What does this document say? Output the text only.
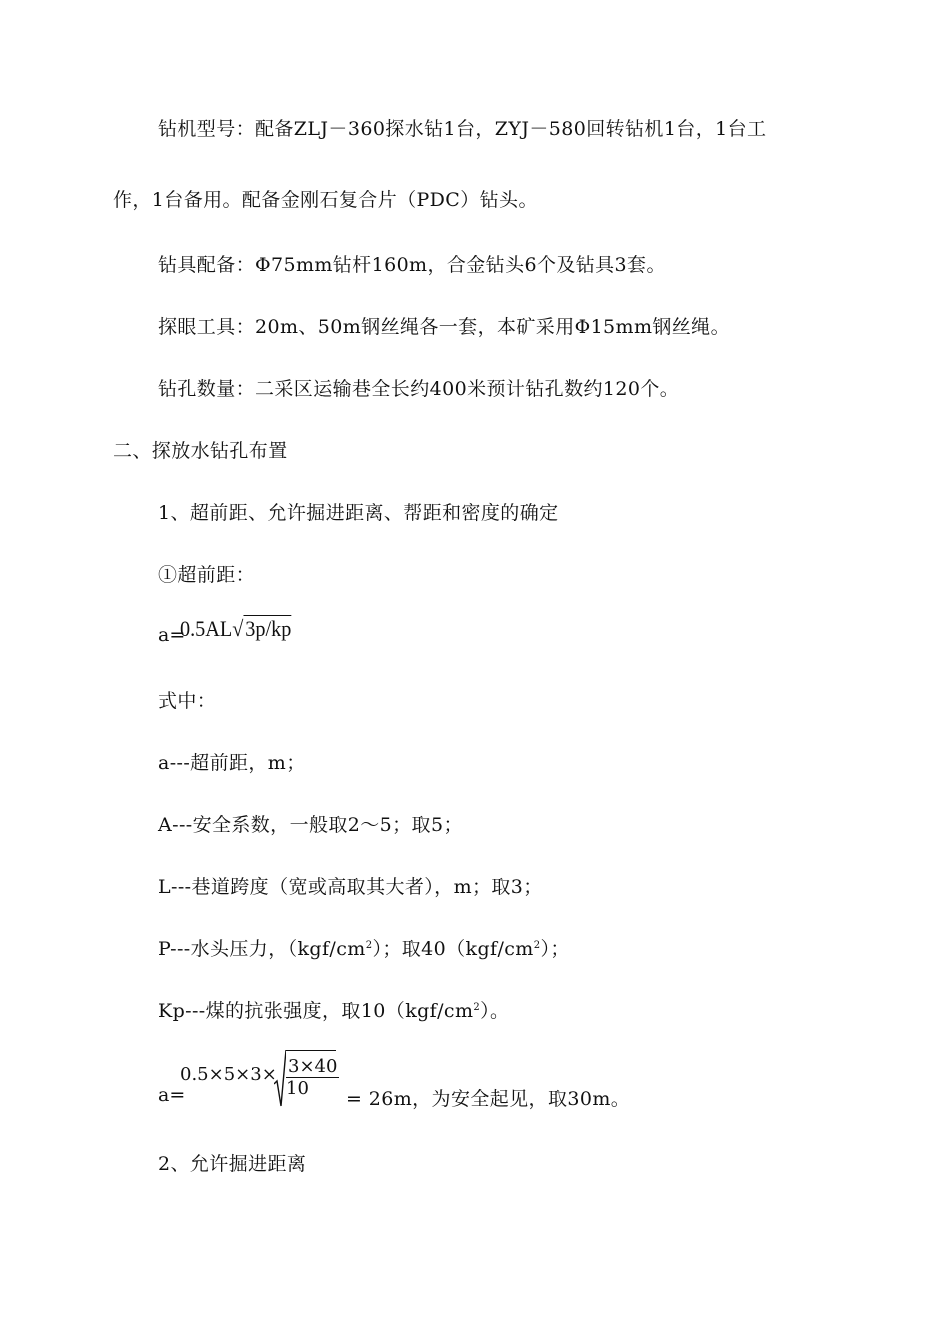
钻机型号：配备ZLJ－360探水钻1台，ZYJ－580回转钻机1台，1台工
作，1台备用。配备金刚石复合片（PDC）钻头。
钻具配备：Φ75mm钻杆160m，合金钻头6个及钻具3套。
探眼工具：20m、50m钢丝绳各一套，本矿采用Φ15mm钢丝绳。
钻孔数量：二采区运输巷全长约400米预计钻孔数约120个。
二、探放水钻孔布置
1、超前距、允许掘进距离、帮距和密度的确定
①超前距：
a=
0.5AL√3p/kp
式中：
a---超前距，m；
A---安全系数，一般取2～5；取5；
L---巷道跨度（宽或高取其大者），m；取3；
P---水头压力，$(kgf/cm^2)$；取$40(kgf/cm^2)$；
Kp---煤的抗张强度，取$10(kgf/cm^2)$。
a=
$0.5\times 5\times 3\times \frac{3\times 40}{10} = 26m$，为安全起见，取30m。
2、允许掘进距离
